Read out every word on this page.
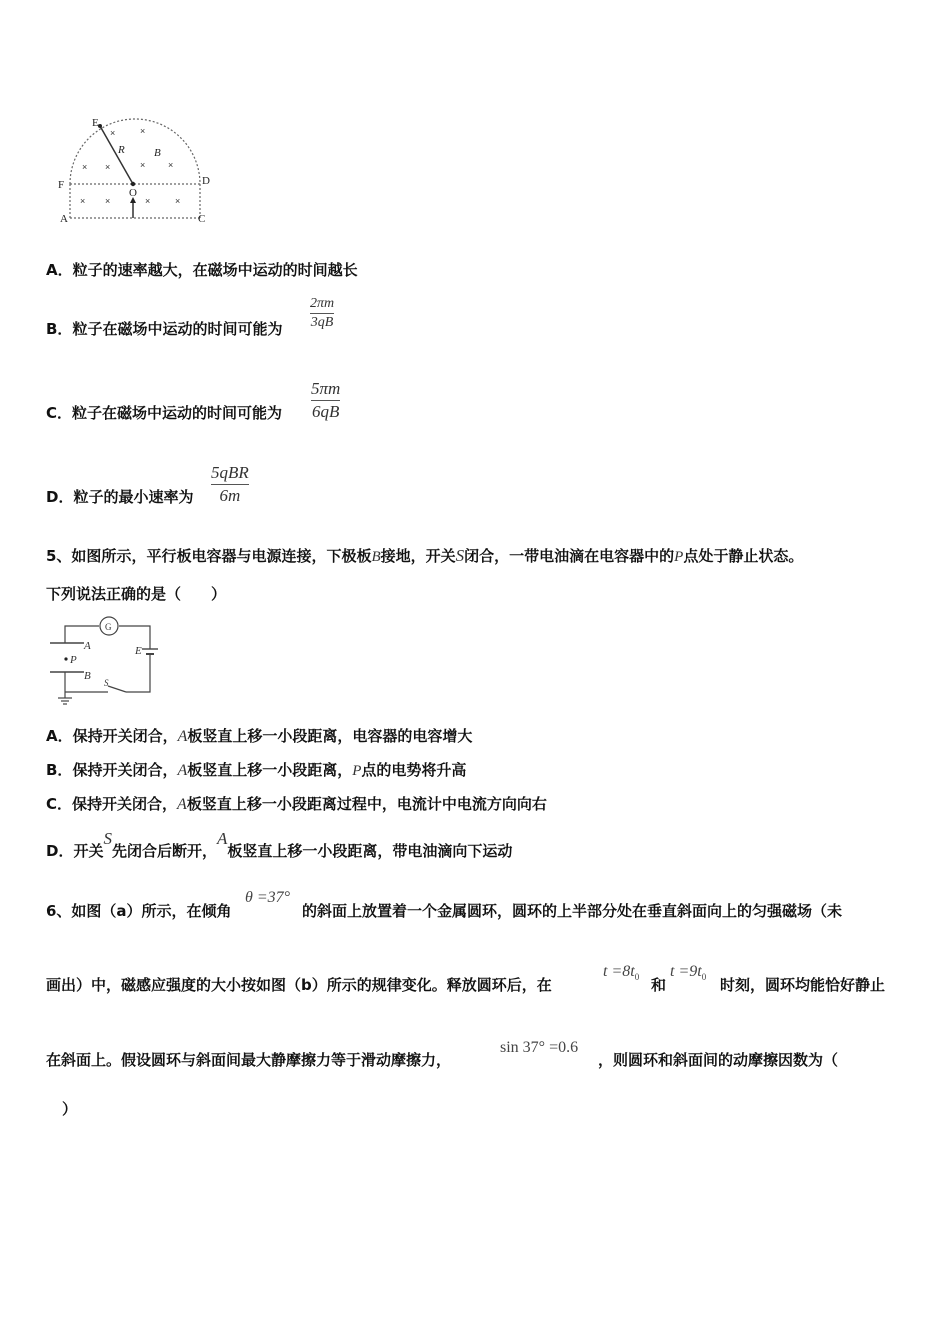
×	×
× ×	×	×
× ×	×	×
E
R	B
F	D
O
A	C
A．粒子的速率越大，在磁场中运动的时间越长
B．粒子在磁场中运动的时间可能为
2πm
3qB
C．粒子在磁场中运动的时间可能为
5πm
6qB
D．粒子的最小速率为
5qBR
6m
5、如图所示，平行板电容器与电源连接，下极板B接地，开关S闭合，一带电油滴在电容器中的P点处于静止状态。
下列说法正确的是（　　）
G
A	E
P
B
S
A．保持开关闭合，A板竖直上移一小段距离，电容器的电容增大
B．保持开关闭合，A板竖直上移一小段距离，P点的电势将升高
C．保持开关闭合，A板竖直上移一小段距离过程中，电流计中电流方向向右
D．开关S先闭合后断开，A板竖直上移一小段距离，带电油滴向下运动
6、如图（a）所示，在倾角
θ =37°
的斜面上放置着一个金属圆环，圆环的上半部分处在垂直斜面向上的匀强磁场（未
画出）中，磁感应强度的大小按如图（b）所示的规律变化。释放圆环后，在
$t =8t_0$ 和
$t =9t_0$ 时刻，圆环均能恰好静止
在斜面上。假设圆环与斜面间最大静摩擦力等于滑动摩擦力，
sin 37° =0.6
，则圆环和斜面间的动摩擦因数为（
）
